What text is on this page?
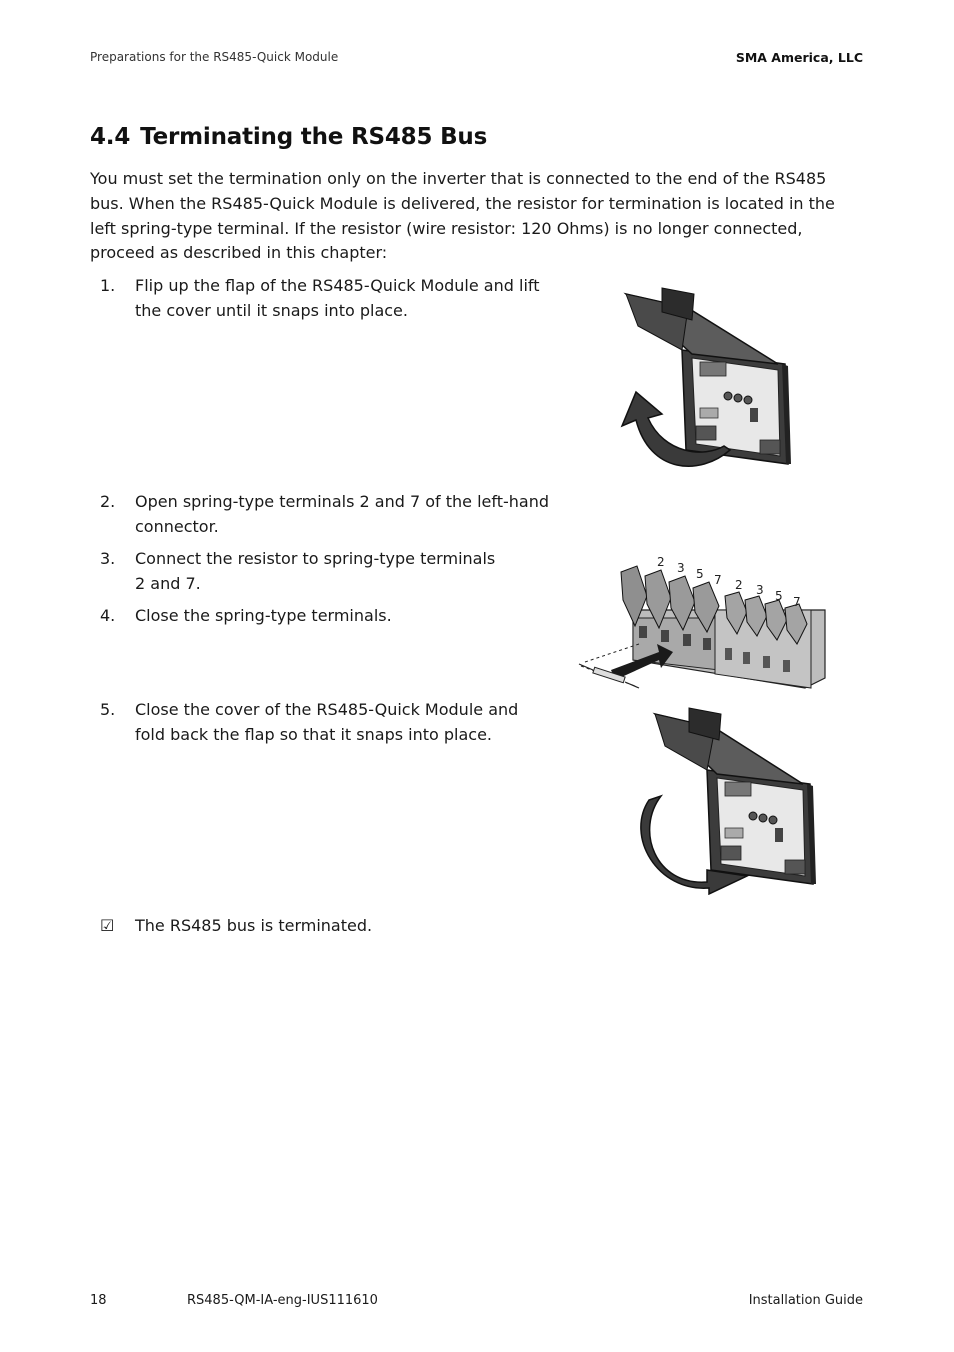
Preparations for the RS485-Quick Module	SMA America, LLC
4.4 Terminating the RS485 Bus

You must set the termination only on the inverter that is connected to the end of the RS485 bus. When the RS485-Quick Module is delivered, the resistor for termination is located in the left spring-type terminal. If the resistor (wire resistor: 120 Ohms) is no longer connected, proceed as described in this chapter:

1.	Flip up the flap of the RS485-Quick Module and lift
the cover until it snaps into place.
2.	Open spring-type terminals 2 and 7 of the left-hand
connector.
3.	Connect the resistor to spring-type terminals
2 and 7.
4.	Close the spring-type terminals.
2 3 5 7 2 3 5 7
5.	Close the cover of the RS485-Quick Module and
fold back the flap so that it snaps into place.
☑ The RS485 bus is terminated.
18	RS485-QM-IA-eng-IUS111610	Installation Guide
